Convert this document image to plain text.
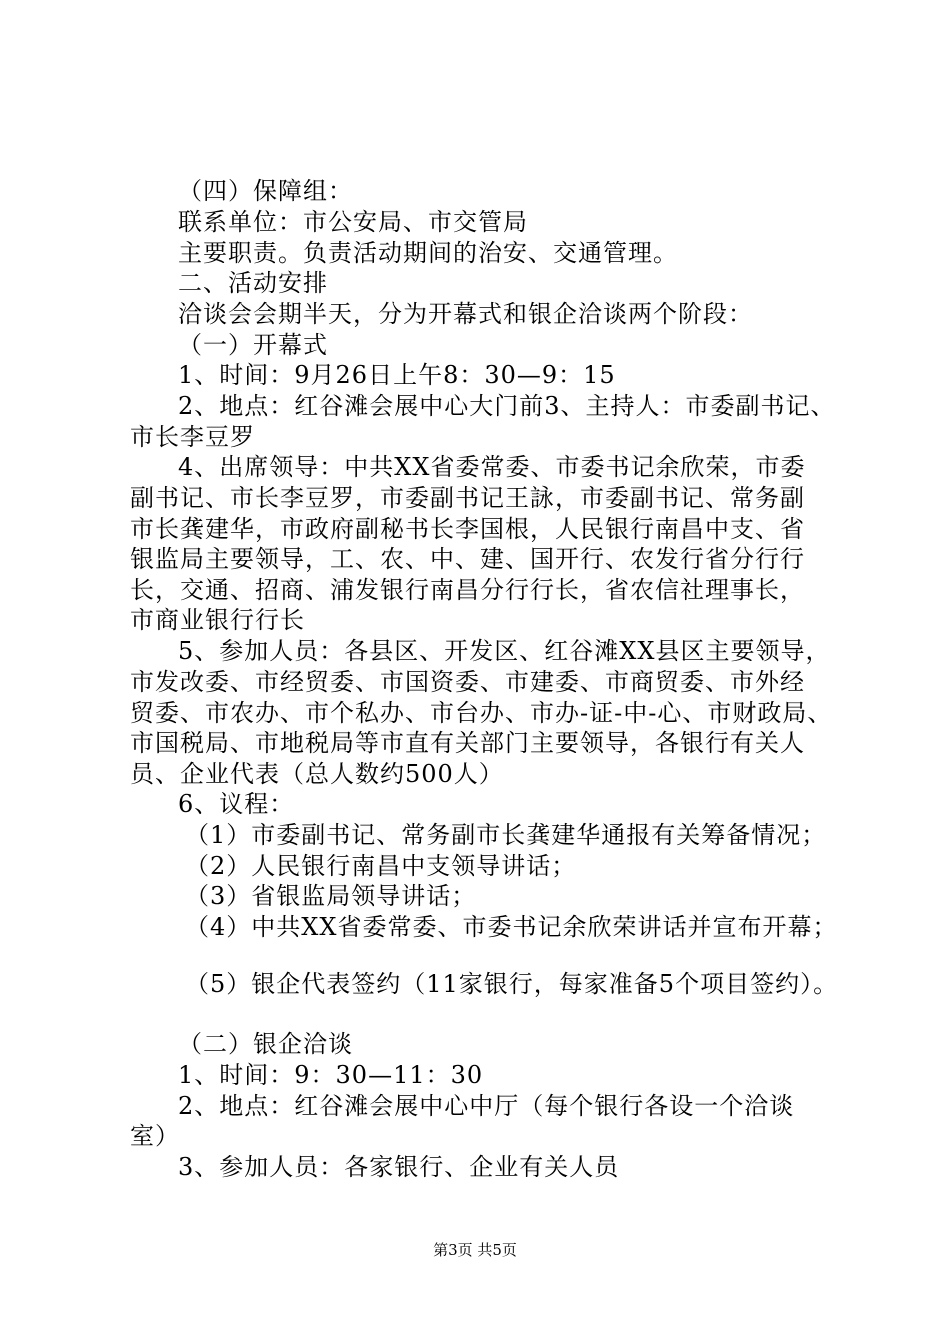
（四）保障组：
联系单位：市公安局、市交管局
主要职责。负责活动期间的治安、交通管理。
二、活动安排
洽谈会会期半天，分为开幕式和银企洽谈两个阶段：
（一）开幕式
1、时间：9月26日上午8：30—9：15
2、地点：红谷滩会展中心大门前3、主持人：市委副书记、
市长李豆罗
4、出席领导：中共XX省委常委、市委书记余欣荣，市委
副书记、市长李豆罗，市委副书记王詠，市委副书记、常务副
市长龚建华，市政府副秘书长李国根，人民银行南昌中支、省
银监局主要领导，工、农、中、建、国开行、农发行省分行行
长，交通、招商、浦发银行南昌分行行长，省农信社理事长，
市商业银行行长
5、参加人员：各县区、开发区、红谷滩XX县区主要领导，
市发改委、市经贸委、市国资委、市建委、市商贸委、市外经
贸委、市农办、市个私办、市台办、市办-证-中-心、市财政局、
市国税局、市地税局等市直有关部门主要领导，各银行有关人
员、企业代表（总人数约500人）
6、议程：
（1）市委副书记、常务副市长龚建华通报有关筹备情况；
（2）人民银行南昌中支领导讲话；
（3）省银监局领导讲话；
（4）中共XX省委常委、市委书记余欣荣讲话并宣布开幕；
（5）银企代表签约（11家银行，每家准备5个项目签约）。
（二）银企洽谈
1、时间：9：30—11：30
2、地点：红谷滩会展中心中厅（每个银行各设一个洽谈
室）
3、参加人员：各家银行、企业有关人员
第3页 共5页
